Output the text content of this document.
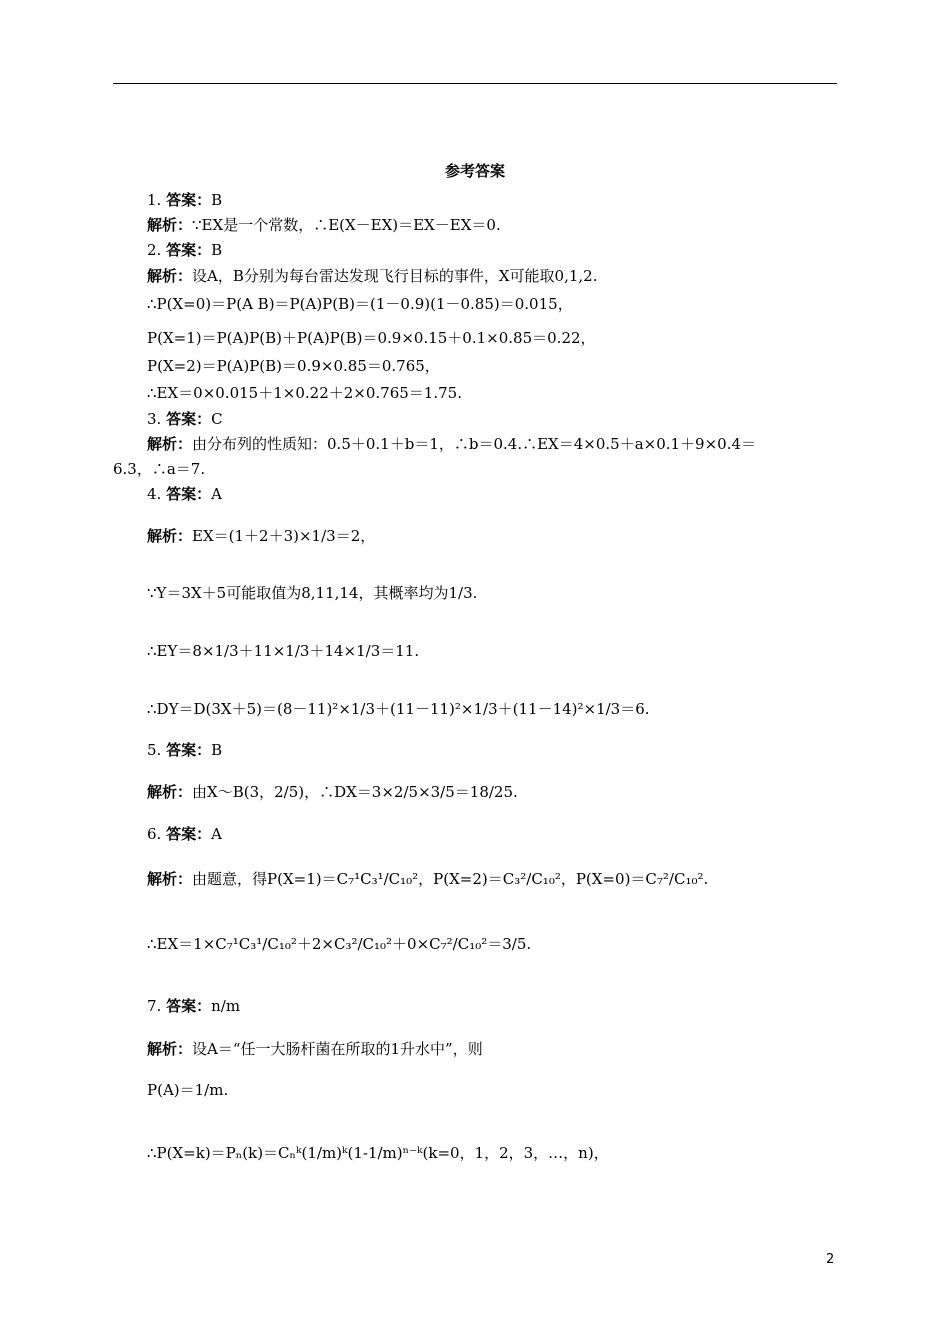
参考答案
1. 答案：B
解析：∵EX是一个常数，∴E(X－EX)＝EX－EX＝0.
2. 答案：B
解析：设A，B分别为每台雷达发现飞行目标的事件，X可能取0,1,2.
∴P(X=0)＝P(A B)＝P(A)P(B)＝(1－0.9)(1－0.85)＝0.015，
P(X=1)＝P(A)P(B)＋P(A)P(B)＝0.9×0.15＋0.1×0.85＝0.22，
P(X=2)＝P(A)P(B)＝0.9×0.85＝0.765，
∴EX＝0×0.015＋1×0.22＋2×0.765＝1.75.
3. 答案：C
解析：由分布列的性质知：0.5＋0.1＋b＝1，∴b＝0.4.∴EX＝4×0.5＋a×0.1＋9×0.4＝
6.3，∴a＝7.
4. 答案：A
解析：EX＝(1＋2＋3)×1/3＝2，
∵Y＝3X＋5可能取值为8,11,14，其概率均为1/3.
∴EY＝8×1/3＋11×1/3＋14×1/3＝11.
∴DY＝D(3X＋5)＝(8－11)²×1/3＋(11－11)²×1/3＋(11－14)²×1/3＝6.
5. 答案：B
解析：由X～B(3，2/5)，∴DX＝3×2/5×3/5＝18/25.
6. 答案：A
解析：由题意，得P(X=1)＝C₇¹C₃¹/C₁₀²，P(X=2)＝C₃²/C₁₀²，P(X=0)＝C₇²/C₁₀².
∴EX＝1×C₇¹C₃¹/C₁₀²＋2×C₃²/C₁₀²＋0×C₇²/C₁₀²＝3/5.
7. 答案：n/m
解析：设A＝“任一大肠杆菌在所取的1升水中”，则
P(A)＝1/m.
∴P(X=k)＝Pₙ(k)＝Cₙᵏ(1/m)ᵏ(1-1/m)ⁿ⁻ᵏ(k=0，1，2，3，…，n)，
2
